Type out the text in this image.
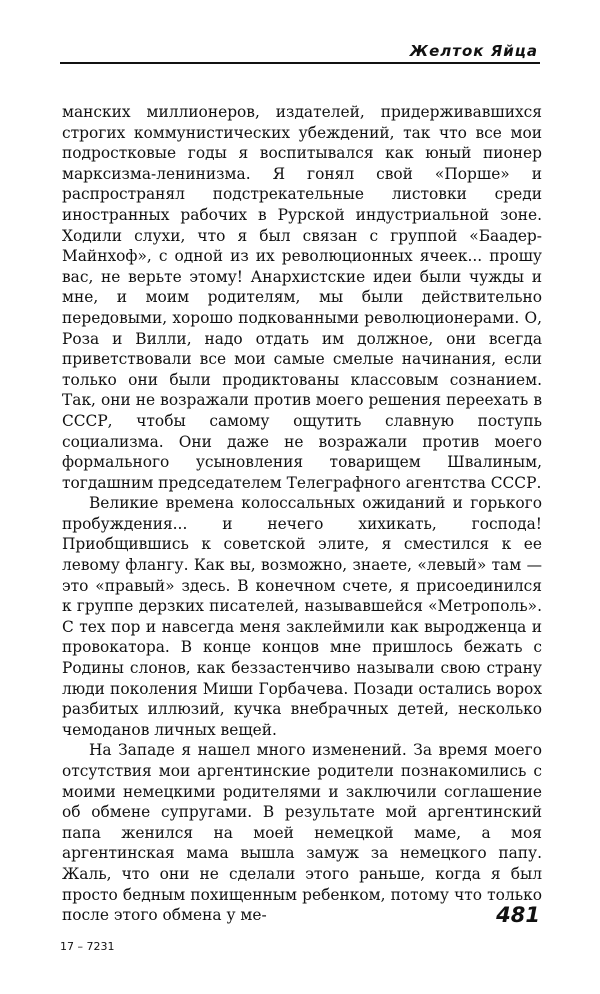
Желток Яйца

манских миллионеров, издателей, придерживавшихся строгих коммунистических убеждений, так что все мои подростковые годы я воспитывался как юный пионер марксизма-ленинизма. Я гонял свой «Порше» и распространял подстрекательные листовки среди иностранных рабочих в Рурской индустриальной зоне. Ходили слухи, что я был связан с группой «Баадер-Майнхоф», с одной из их революционных ячеек... прошу вас, не верьте этому! Анархистские идеи были чужды и мне, и моим родителям, мы были действительно передовыми, хорошо подкованными революционерами. О, Роза и Вилли, надо отдать им должное, они всегда приветствовали все мои самые смелые начинания, если только они были продиктованы классовым сознанием. Так, они не возражали против моего решения переехать в СССР, чтобы самому ощутить славную поступь социализма. Они даже не возражали против моего формального усыновления товарищем Швалиным, тогдашним председателем Телеграфного агентства СССР.

Великие времена колоссальных ожиданий и горького пробуждения... и нечего хихикать, господа! Приобщившись к советской элите, я сместился к ее левому флангу. Как вы, возможно, знаете, «левый» там — это «правый» здесь. В конечном счете, я присоединился к группе дерзких писателей, называвшейся «Метрополь». С тех пор и навсегда меня заклеймили как выродженца и провокатора. В конце концов мне пришлось бежать с Родины слонов, как беззастенчиво называли свою страну люди поколения Миши Горбачева. Позади остались ворох разбитых иллюзий, кучка внебрачных детей, несколько чемоданов личных вещей.

На Западе я нашел много изменений. За время моего отсутствия мои аргентинские родители познакомились с моими немецкими родителями и заключили соглашение об обмене супругами. В результате мой аргентинский папа женился на моей немецкой маме, а моя аргентинская мама вышла замуж за немецкого папу. Жаль, что они не сделали этого раньше, когда я был просто бедным похищенным ребенком, потому что только после этого обмена у ме-	481
17 – 7231
